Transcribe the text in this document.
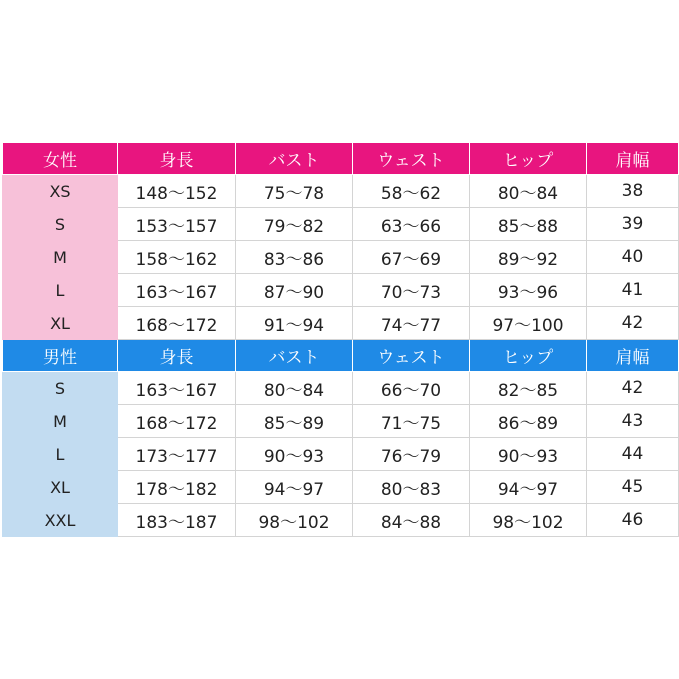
女性	身長	バスト	ウェスト	ヒップ	肩幅
XS	148～152	75～78	58～62	80～84	38
S	153～157	79～82	63～66	85～88	39
M	158～162	83～86	67～69	89～92	40
L	163～167	87～90	70～73	93～96	41
XL	168～172	91～94	74～77	97～100	42
男性	身長	バスト	ウェスト	ヒップ	肩幅
S	163～167	80～84	66～70	82～85	42
M	168～172	85～89	71～75	86～89	43
L	173～177	90～93	76～79	90～93	44
XL	178～182	94～97	80～83	94～97	45
XXL	183～187	98～102	84～88	98～102	46
